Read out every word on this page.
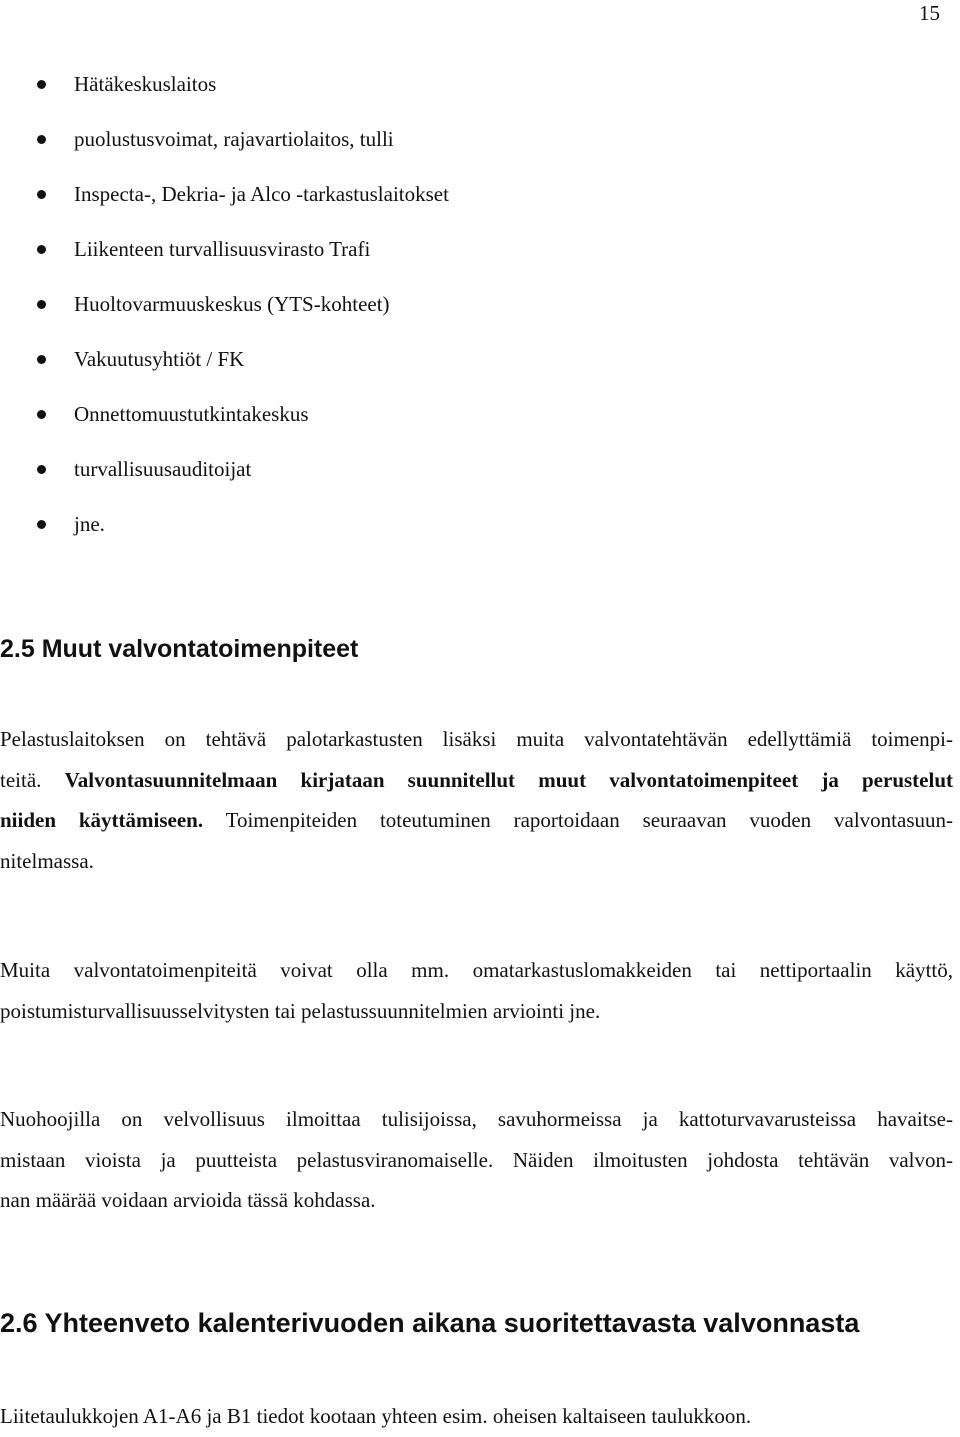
15
Hätäkeskuslaitos
puolustusvoimat, rajavartiolaitos, tulli
Inspecta-, Dekria- ja Alco -tarkastuslaitokset
Liikenteen turvallisuusvirasto Trafi
Huoltovarmuuskeskus (YTS-kohteet)
Vakuutusyhtiöt / FK
Onnettomuustutkintakeskus
turvallisuusauditoijat
jne.
2.5 Muut valvontatoimenpiteet
Pelastuslaitoksen on tehtävä palotarkastusten lisäksi muita valvontatehtävän edellyttämiä toimenpi-
teitä. Valvontasuunnitelmaan kirjataan suunnitellut muut valvontatoimenpiteet ja perustelut
niiden käyttämiseen. Toimenpiteiden toteutuminen raportoidaan seuraavan vuoden valvontasuun-
nitelmassa.
Muita valvontatoimenpiteitä voivat olla mm. omatarkastuslomakkeiden tai nettiportaalin käyttö,
poistumisturvallisuusselvitysten tai pelastussuunnitelmien arviointi jne.
Nuohoojilla on velvollisuus ilmoittaa tulisijoissa, savuhormeissa ja kattoturvavarusteissa havaitse-
mistaan vioista ja puutteista pelastusviranomaiselle. Näiden ilmoitusten johdosta tehtävän valvon-
nan määrää voidaan arvioida tässä kohdassa.
2.6 Yhteenveto kalenterivuoden aikana suoritettavasta valvonnasta
Liitetaulukkojen A1-A6 ja B1 tiedot kootaan yhteen esim. oheisen kaltaiseen taulukkoon.
